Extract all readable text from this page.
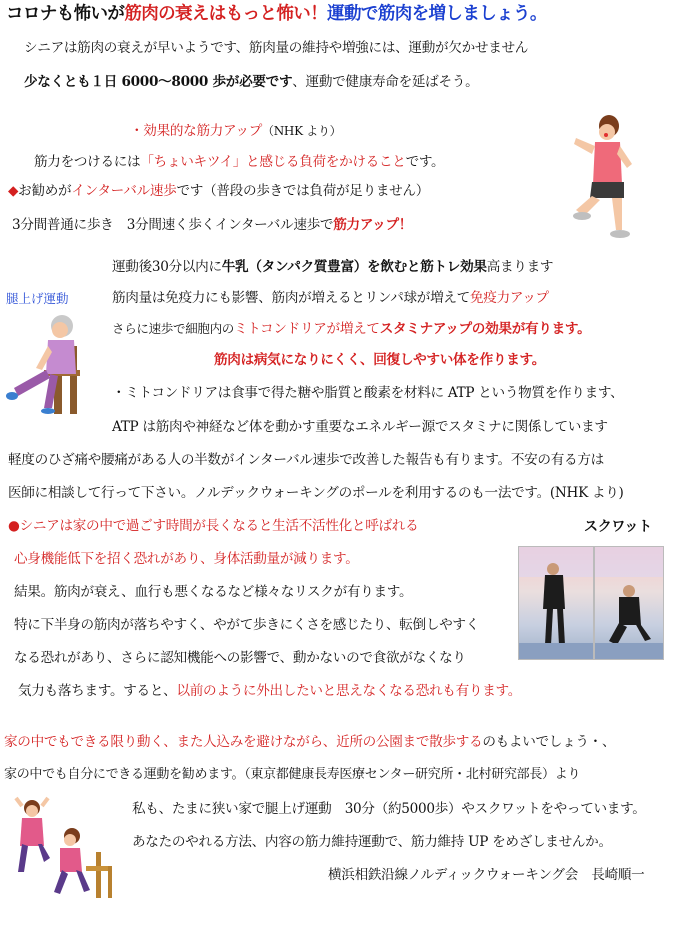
コロナも怖いが筋肉の衰えはもっと怖い！運動で筋肉を増しましょう。
シニアは筋肉の衰えが早いようです、筋肉量の維持や増強には、運動が欠かせません
少なくとも１日 6000～8000 歩が必要です、運動で健康寿命を延ばそう。
・効果的な筋力アップ（NHK より）
筋力をつけるには「ちょいキツイ」と感じる負荷をかけることです。
◆お勧めがインターバル速歩です（普段の歩きでは負荷が足りません）
3分間普通に歩き　3分間速く歩くインターバル速歩で筋力アップ！
腿上げ運動
運動後30分以内に牛乳（タンパク質豊富）を飲むと筋トレ効果高まります
筋肉量は免疫力にも影響、筋肉が増えるとリンパ球が増えて免疫力アップ
さらに速歩で細胞内のミトコンドリアが増えてスタミナアップの効果が有ります。
筋肉は病気になりにくく、回復しやすい体を作ります。
・ミトコンドリアは食事で得た糖や脂質と酸素を材料に ATP という物質を作ります、
ATP は筋肉や神経など体を動かす重要なエネルギー源でスタミナに関係しています
軽度のひざ痛や腰痛がある人の半数がインターバル速歩で改善した報告も有ります。不安の有る方は
医師に相談して行って下さい。ノルデックウォーキングのポールを利用するのも一法です。(NHK より)
スクワット
●シニアは家の中で過ごす時間が長くなると生活不活性化と呼ばれる
心身機能低下を招く恐れがあり、身体活動量が減ります。
結果。筋肉が衰え、血行も悪くなるなど様々なリスクが有ります。
特に下半身の筋肉が落ちやすく、やがて歩きにくさを感じたり、転倒しやすく
なる恐れがあり、さらに認知機能への影響で、動かないので食欲がなくなり
気力も落ちます。すると、以前のように外出したいと思えなくなる恐れも有ります。
家の中でもできる限り動く、また人込みを避けながら、近所の公園まで散歩するのもよいでしょう・、
家の中でも自分にできる運動を勧めます。（東京都健康長寿医療センター研究所・北村研究部長）より
私も、たまに狭い家で腿上げ運動　30分（約5000歩）やスクワットをやっています。
あなたのやれる方法、内容の筋力維持運動で、筋力維持 UP をめざしませんか。
横浜相鉄沿線ノルディックウォーキング会　長崎順一
